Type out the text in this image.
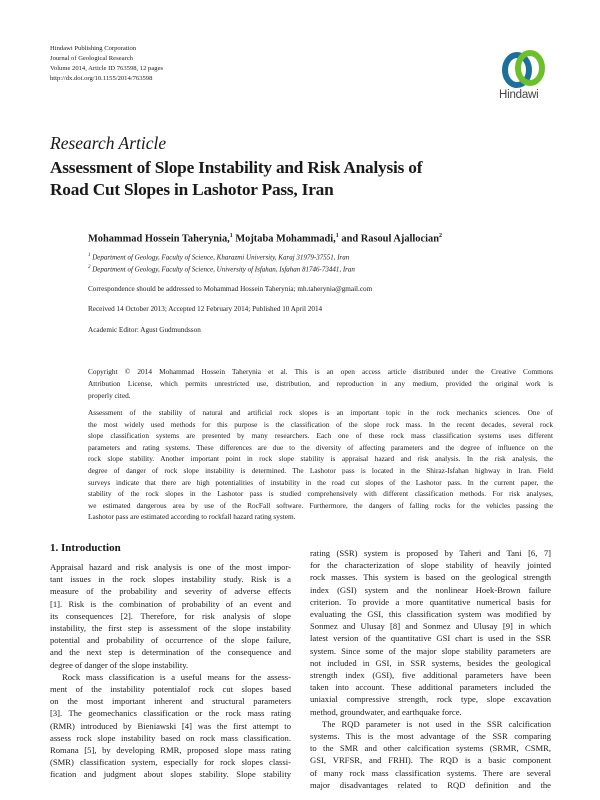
Hindawi Publishing Corporation
Journal of Geological Research
Volume 2014, Article ID 763598, 12 pages
http://dx.doi.org/10.1155/2014/763598
Hindawi
Research Article
Assessment of Slope Instability and Risk Analysis of
Road Cut Slopes in Lashotor Pass, Iran
Mohammad Hossein Taherynia,$^1$ Mojtaba Mohammadi,$^1$ and Rasoul Ajallocian$^2$
$^1$ Department of Geology, Faculty of Science, Kharazmi University, Karaj 31979-37551, Iran
$^2$ Department of Geology, Faculty of Science, University of Isfahan, Isfahan 81746-73441, Iran
Correspondence should be addressed to Mohammad Hossein Taherynia; mh.taherynia@gmail.com
Received 14 October 2013; Accepted 12 February 2014; Published 10 April 2014
Academic Editor: Agust Gudmundsson
Copyright © 2014 Mohammad Hossein Taherynia et al. This is an open access article distributed under the Creative Commons
Attribution License, which permits unrestricted use, distribution, and reproduction in any medium, provided the original work is
properly cited.
Assessment of the stability of natural and artificial rock slopes is an important topic in the rock mechanics sciences. One of
the most widely used methods for this purpose is the classification of the slope rock mass. In the recent decades, several rock
slope classification systems are presented by many researchers. Each one of these rock mass classification systems uses different
parameters and rating systems. These differences are due to the diversity of affecting parameters and the degree of influence on the
rock slope stability. Another important point in rock slope stability is appraisal hazard and risk analysis. In the risk analysis, the
degree of danger of rock slope instability is determined. The Lashotor pass is located in the Shiraz-Isfahan highway in Iran. Field
surveys indicate that there are high potentialities of instability in the road cut slopes of the Lashotor pass. In the current paper, the
stability of the rock slopes in the Lashotor pass is studied comprehensively with different classification methods. For risk analyses,
we estimated dangerous area by use of the RocFall software. Furthermore, the dangers of falling rocks for the vehicles passing the
Lashotor pass are estimated according to rockfall hazard rating system.
1. Introduction
Appraisal hazard and risk analysis is one of the most impor-
tant issues in the rock slopes instability study. Risk is a
measure of the probability and severity of adverse effects
[1]. Risk is the combination of probability of an event and
its consequences [2]. Therefore, for risk analysis of slope
instability, the first step is assessment of the slope instability
potential and probability of occurrence of the slope failure,
and the next step is determination of the consequence and
degree of danger of the slope instability.
Rock mass classification is a useful means for the assess-
ment of the instability potentialof rock cut slopes based
on the most important inherent and structural parameters
[3]. The geomechanics classification or the rock mass rating
(RMR) introduced by Bieniawski [4] was the first attempt to
assess rock slope instability based on rock mass classification.
Romana [5], by developing RMR, proposed slope mass rating
(SMR) classification system, especially for rock slopes classi-
fication and judgment about slopes stability. Slope stability
rating (SSR) system is proposed by Taheri and Tani [6, 7]
for the characterization of slope stability of heavily jointed
rock masses. This system is based on the geological strength
index (GSI) system and the nonlinear Hoek-Brown failure
criterion. To provide a more quantitative numerical basis for
evaluating the GSI, this classification system was modified by
Sonmez and Ulusay [8] and Sonmez and Ulusay [9] in which
latest version of the quantitative GSI chart is used in the SSR
system. Since some of the major slope stability parameters are
not included in GSI, in SSR systems, besides the geological
strength index (GSI), five additional parameters have been
taken into account. These additional parameters included the
uniaxial compressive strength, rock type, slope excavation
method, groundwater, and earthquake force.
The RQD parameter is not used in the SSR calcification
systems. This is the most advantage of the SSR comparing
to the SMR and other calcification systems (SRMR, CSMR,
GSI, VRFSR, and FRHI). The RQD is a basic component
of many rock mass classification systems. There are several
major disadvantages related to RQD definition and the
